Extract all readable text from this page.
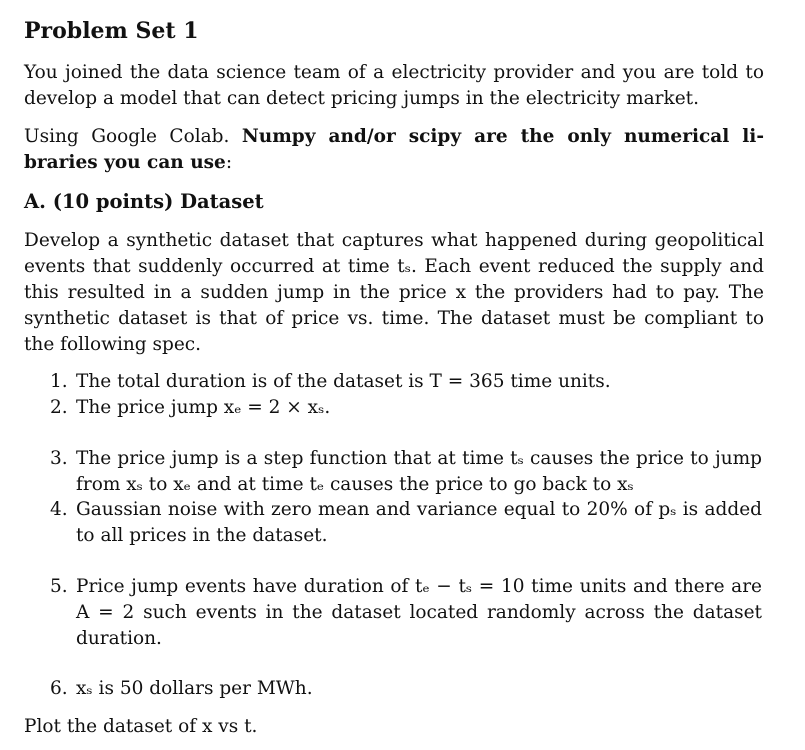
Problem Set 1
You joined the data science team of a electricity provider and you are told to
develop a model that can detect pricing jumps in the electricity market.
Using Google Colab. Numpy and/or scipy are the only numerical li-
braries you can use:
A. (10 points) Dataset
Develop a synthetic dataset that captures what happened during geopolitical
events that suddenly occurred at time tₛ. Each event reduced the supply and
this resulted in a sudden jump in the price x the providers had to pay. The
synthetic dataset is that of price vs. time. The dataset must be compliant to
the following spec.
1. The total duration is of the dataset is T = 365 time units.
2. The price jump xₑ = 2 × xₛ.
3. The price jump is a step function that at time tₛ causes the price to jump
from xₛ to xₑ and at time tₑ causes the price to go back to xₛ
4. Gaussian noise with zero mean and variance equal to 20% of pₛ is added
to all prices in the dataset.
5. Price jump events have duration of tₑ − tₛ = 10 time units and there are
A = 2 such events in the dataset located randomly across the dataset
duration.
6. xₛ is 50 dollars per MWh.
Plot the dataset of x vs t.
